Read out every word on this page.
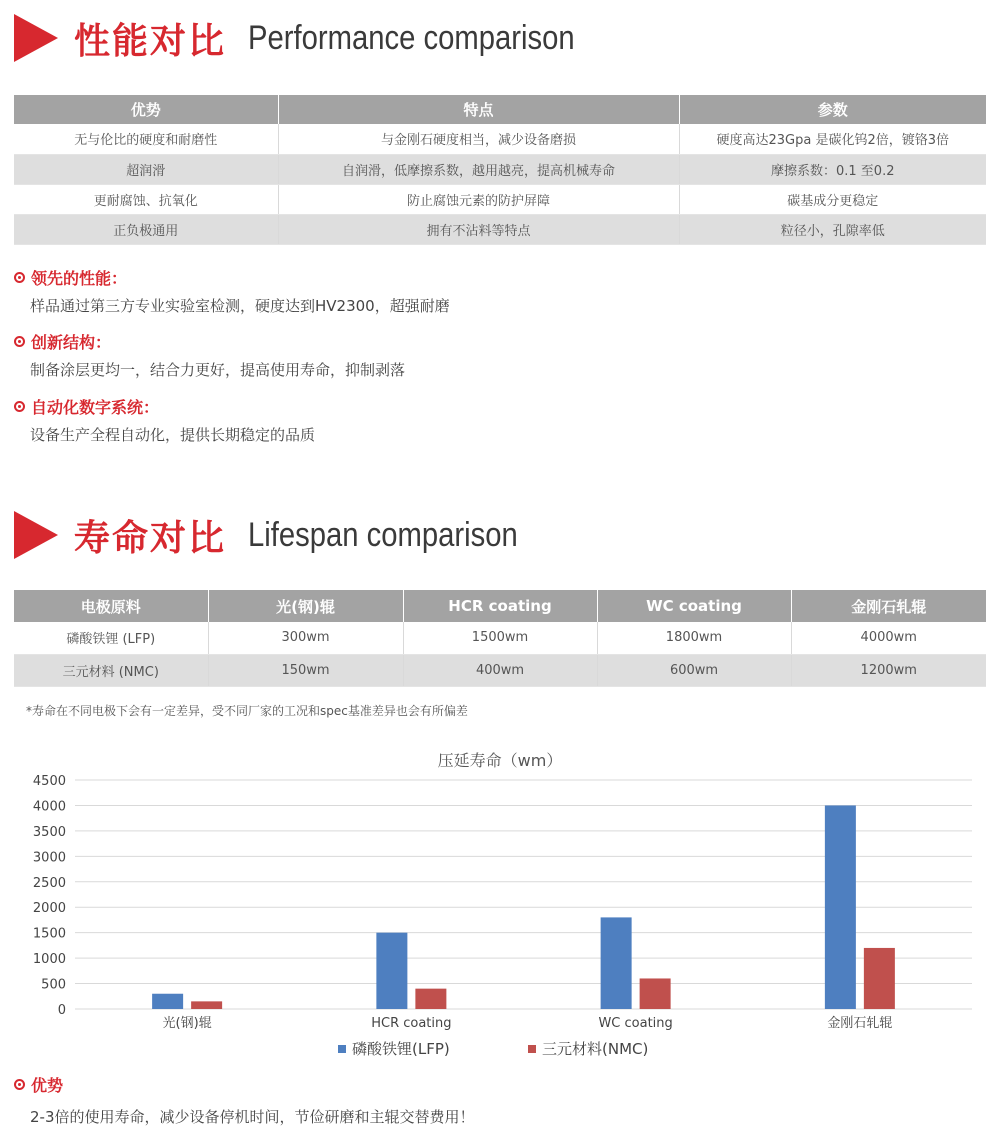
性能对比 Performance comparison
优势	特点	参数
无与伦比的硬度和耐磨性	与金刚石硬度相当，减少设备磨损	硬度高达23Gpa 是碳化钨2倍，镀铬3倍
超润滑	自润滑，低摩擦系数，越用越亮，提高机械寿命	摩擦系数：0.1 至0.2
更耐腐蚀、抗氧化	防止腐蚀元素的防护屏障	碳基成分更稳定
正负极通用	拥有不沾料等特点	粒径小，孔隙率低
领先的性能：
样品通过第三方专业实验室检测，硬度达到HV2300，超强耐磨
创新结构：
制备涂层更均一，结合力更好，提高使用寿命，抑制剥落
自动化数字系统：
设备生产全程自动化，提供长期稳定的品质
寿命对比 Lifespan comparison
电极原料	光(钢)辊	HCR coating	WC coating	金刚石轧辊
磷酸铁锂 (LFP)	300wm	1500wm	1800wm	4000wm
三元材料 (NMC)	150wm	400wm	600wm	1200wm
*寿命在不同电极下会有一定差异，受不同厂家的工况和spec基准差异也会有所偏差
压延寿命（wm）
0
500
1000
1500
2000
2500
3000
3500
4000
4500
光(钢)辊	HCR coating	WC coating	金刚石轧辊
磷酸铁锂(LFP)	三元材料(NMC)
优势
2-3倍的使用寿命，减少设备停机时间，节俭研磨和主辊交替费用！
